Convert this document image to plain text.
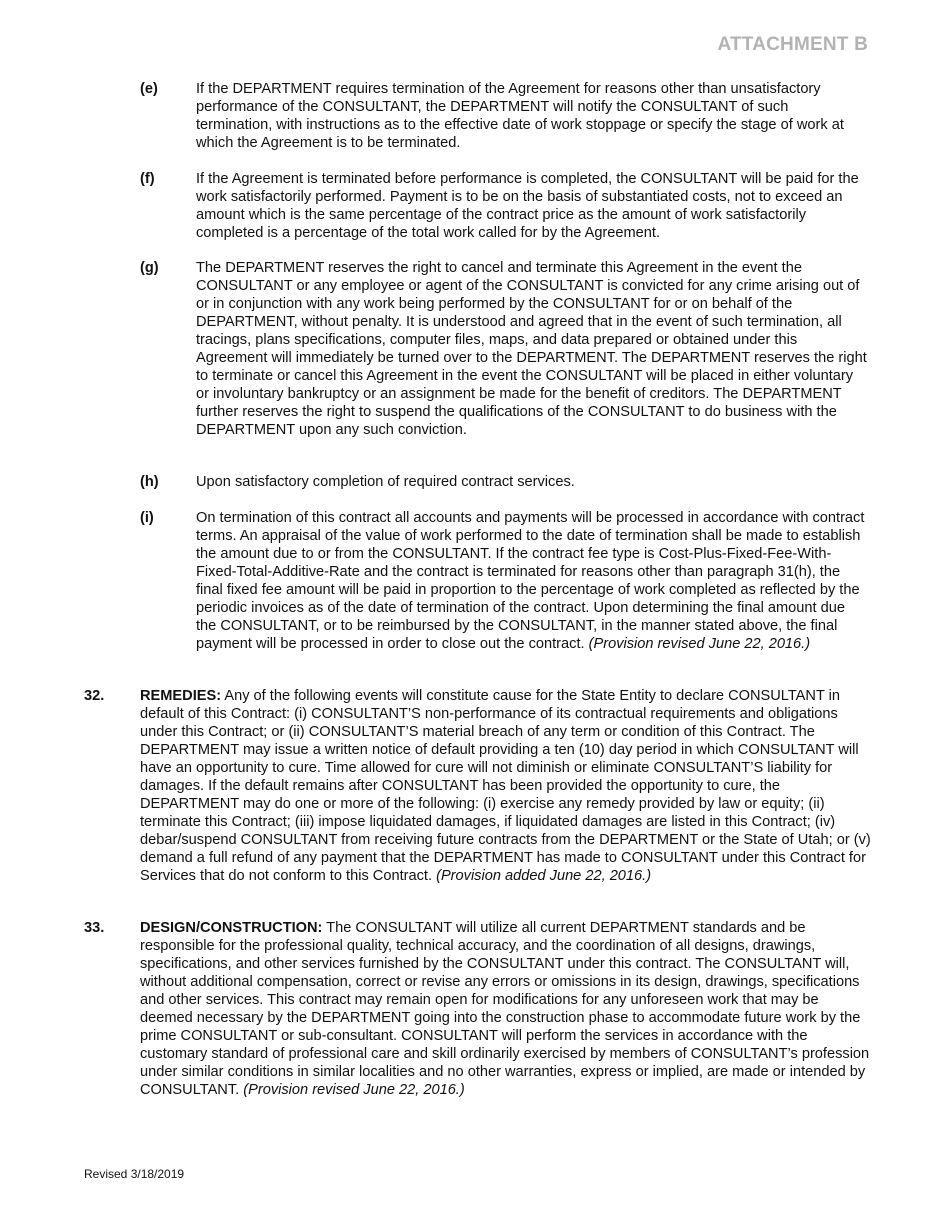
ATTACHMENT B
(e)	If the DEPARTMENT requires termination of the Agreement for reasons other than unsatisfactory performance of the CONSULTANT, the DEPARTMENT will notify the CONSULTANT of such termination, with instructions as to the effective date of work stoppage or specify the stage of work at which the Agreement is to be terminated.
(f)	If the Agreement is terminated before performance is completed, the CONSULTANT will be paid for the work satisfactorily performed. Payment is to be on the basis of substantiated costs, not to exceed an amount which is the same percentage of the contract price as the amount of work satisfactorily completed is a percentage of the total work called for by the Agreement.
(g)	The DEPARTMENT reserves the right to cancel and terminate this Agreement in the event the CONSULTANT or any employee or agent of the CONSULTANT is convicted for any crime arising out of or in conjunction with any work being performed by the CONSULTANT for or on behalf of the DEPARTMENT, without penalty. It is understood and agreed that in the event of such termination, all tracings, plans specifications, computer files, maps, and data prepared or obtained under this Agreement will immediately be turned over to the DEPARTMENT. The DEPARTMENT reserves the right to terminate or cancel this Agreement in the event the CONSULTANT will be placed in either voluntary or involuntary bankruptcy or an assignment be made for the benefit of creditors. The DEPARTMENT further reserves the right to suspend the qualifications of the CONSULTANT to do business with the DEPARTMENT upon any such conviction.
(h)	Upon satisfactory completion of required contract services.
(i)	On termination of this contract all accounts and payments will be processed in accordance with contract terms. An appraisal of the value of work performed to the date of termination shall be made to establish the amount due to or from the CONSULTANT. If the contract fee type is Cost-Plus-Fixed-Fee-With-Fixed-Total-Additive-Rate and the contract is terminated for reasons other than paragraph 31(h), the final fixed fee amount will be paid in proportion to the percentage of work completed as reflected by the periodic invoices as of the date of termination of the contract. Upon determining the final amount due the CONSULTANT, or to be reimbursed by the CONSULTANT, in the manner stated above, the final payment will be processed in order to close out the contract. (Provision revised June 22, 2016.)
32.	REMEDIES: Any of the following events will constitute cause for the State Entity to declare CONSULTANT in default of this Contract: (i) CONSULTANT’S non-performance of its contractual requirements and obligations under this Contract; or (ii) CONSULTANT’S material breach of any term or condition of this Contract. The DEPARTMENT may issue a written notice of default providing a ten (10) day period in which CONSULTANT will have an opportunity to cure. Time allowed for cure will not diminish or eliminate CONSULTANT’S liability for damages. If the default remains after CONSULTANT has been provided the opportunity to cure, the DEPARTMENT may do one or more of the following: (i) exercise any remedy provided by law or equity; (ii) terminate this Contract; (iii) impose liquidated damages, if liquidated damages are listed in this Contract; (iv) debar/suspend CONSULTANT from receiving future contracts from the DEPARTMENT or the State of Utah; or (v) demand a full refund of any payment that the DEPARTMENT has made to CONSULTANT under this Contract for Services that do not conform to this Contract. (Provision added June 22, 2016.)
33.	DESIGN/CONSTRUCTION: The CONSULTANT will utilize all current DEPARTMENT standards and be responsible for the professional quality, technical accuracy, and the coordination of all designs, drawings, specifications, and other services furnished by the CONSULTANT under this contract. The CONSULTANT will, without additional compensation, correct or revise any errors or omissions in its design, drawings, specifications and other services. This contract may remain open for modifications for any unforeseen work that may be deemed necessary by the DEPARTMENT going into the construction phase to accommodate future work by the prime CONSULTANT or sub-consultant. CONSULTANT will perform the services in accordance with the customary standard of professional care and skill ordinarily exercised by members of CONSULTANT’s profession under similar conditions in similar localities and no other warranties, express or implied, are made or intended by CONSULTANT. (Provision revised June 22, 2016.)
Revised 3/18/2019
